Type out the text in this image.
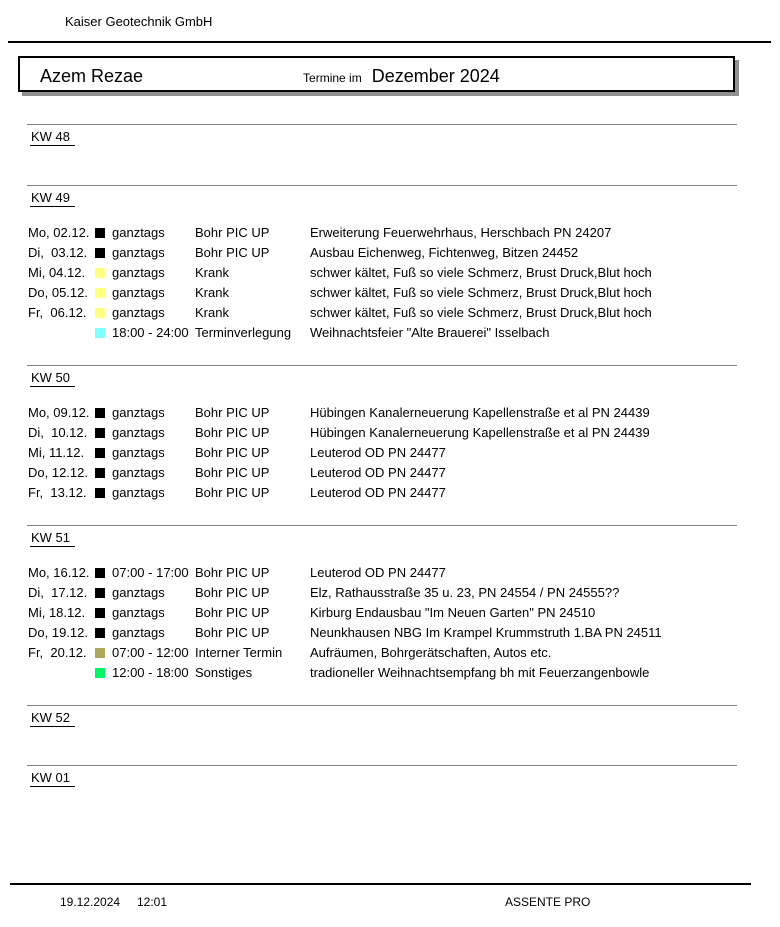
Kaiser Geotechnik GmbH
Azem Rezae	Termine im Dezember 2024
KW 48
KW 49
Mo, 02.12.	ganztags	Bohr PIC UP	Erweiterung Feuerwehrhaus, Herschbach PN 24207
Di,  03.12.	ganztags	Bohr PIC UP	Ausbau Eichenweg, Fichtenweg, Bitzen 24452
Mi, 04.12.	ganztags	Krank	schwer kältet, Fuß so viele Schmerz, Brust Druck,Blut hoch
Do, 05.12.	ganztags	Krank	schwer kältet, Fuß so viele Schmerz, Brust Druck,Blut hoch
Fr,  06.12.	ganztags	Krank	schwer kältet, Fuß so viele Schmerz, Brust Druck,Blut hoch
18:00 - 24:00 Terminverlegung	Weihnachtsfeier "Alte Brauerei" Isselbach
KW 50
Mo, 09.12.	ganztags	Bohr PIC UP	Hübingen Kanalerneuerung Kapellenstraße et al PN 24439
Di,  10.12.	ganztags	Bohr PIC UP	Hübingen Kanalerneuerung Kapellenstraße et al PN 24439
Mi, 11.12.	ganztags	Bohr PIC UP	Leuterod OD PN 24477
Do, 12.12.	ganztags	Bohr PIC UP	Leuterod OD PN 24477
Fr,  13.12.	ganztags	Bohr PIC UP	Leuterod OD PN 24477
KW 51
Mo, 16.12.	07:00 - 17:00 Bohr PIC UP	Leuterod OD PN 24477
Di,  17.12.	ganztags	Bohr PIC UP	Elz, Rathausstraße 35 u. 23, PN 24554 / PN 24555??
Mi, 18.12.	ganztags	Bohr PIC UP	Kirburg Endausbau "Im Neuen Garten" PN 24510
Do, 19.12.	ganztags	Bohr PIC UP	Neunkhausen NBG Im Krampel Krummstruth 1.BA PN 24511
Fr,  20.12.	07:00 - 12:00 Interner Termin	Aufräumen, Bohrgerätschaften, Autos etc.
12:00 - 18:00 Sonstiges	tradioneller Weihnachtsempfang bh mit Feuerzangenbowle
KW 52
KW 01
19.12.2024 12:01	ASSENTE PRO
